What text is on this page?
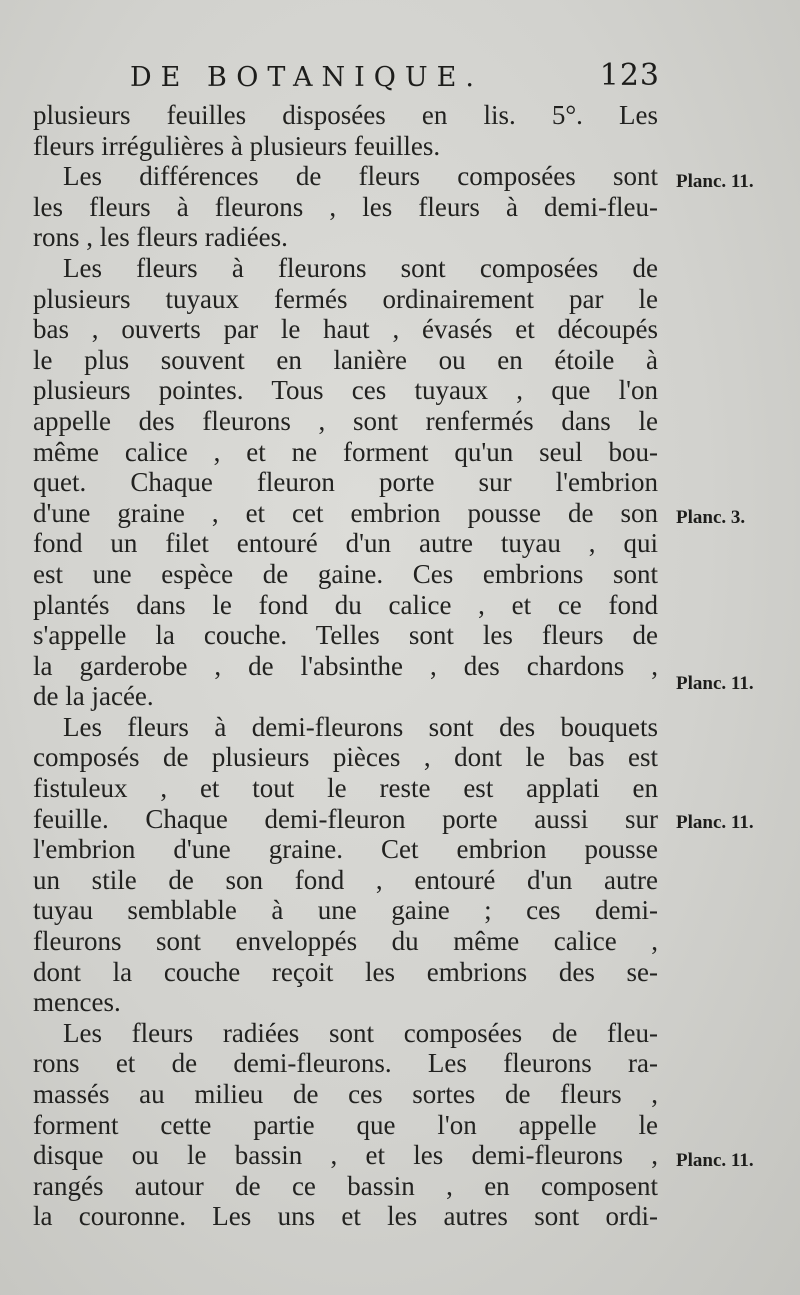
DE BOTANIQUE.	123
plusieurs feuilles disposées en lis. 5°. Les
fleurs irrégulières à plusieurs feuilles.
Les différences de fleurs composées sont
les fleurs à fleurons , les fleurs à demi-fleu-
rons , les fleurs radiées.
Les fleurs à fleurons sont composées de
plusieurs tuyaux fermés ordinairement par le
bas , ouverts par le haut , évasés et découpés
le plus souvent en lanière ou en étoile à
plusieurs pointes. Tous ces tuyaux , que l'on
appelle des fleurons , sont renfermés dans le
même calice , et ne forment qu'un seul bou-
quet. Chaque fleuron porte sur l'embrion
d'une graine , et cet embrion pousse de son
fond un filet entouré d'un autre tuyau , qui
est une espèce de gaine. Ces embrions sont
plantés dans le fond du calice , et ce fond
s'appelle la couche. Telles sont les fleurs de
la garderobe , de l'absinthe , des chardons ,
de la jacée.
Les fleurs à demi-fleurons sont des bouquets
composés de plusieurs pièces , dont le bas est
fistuleux , et tout le reste est applati en
feuille. Chaque demi-fleuron porte aussi sur
l'embrion d'une graine. Cet embrion pousse
un stile de son fond , entouré d'un autre
tuyau semblable à une gaine ; ces demi-
fleurons sont enveloppés du même calice ,
dont la couche reçoit les embrions des se-
mences.
Les fleurs radiées sont composées de fleu-
rons et de demi-fleurons. Les fleurons ra-
massés au milieu de ces sortes de fleurs ,
forment cette partie que l'on appelle le
disque ou le bassin , et les demi-fleurons ,
rangés autour de ce bassin , en composent
la couronne. Les uns et les autres sont ordi-
Planc. 11.
Planc. 3.
Planc. 11.
Planc. 11.
Planc. 11.
